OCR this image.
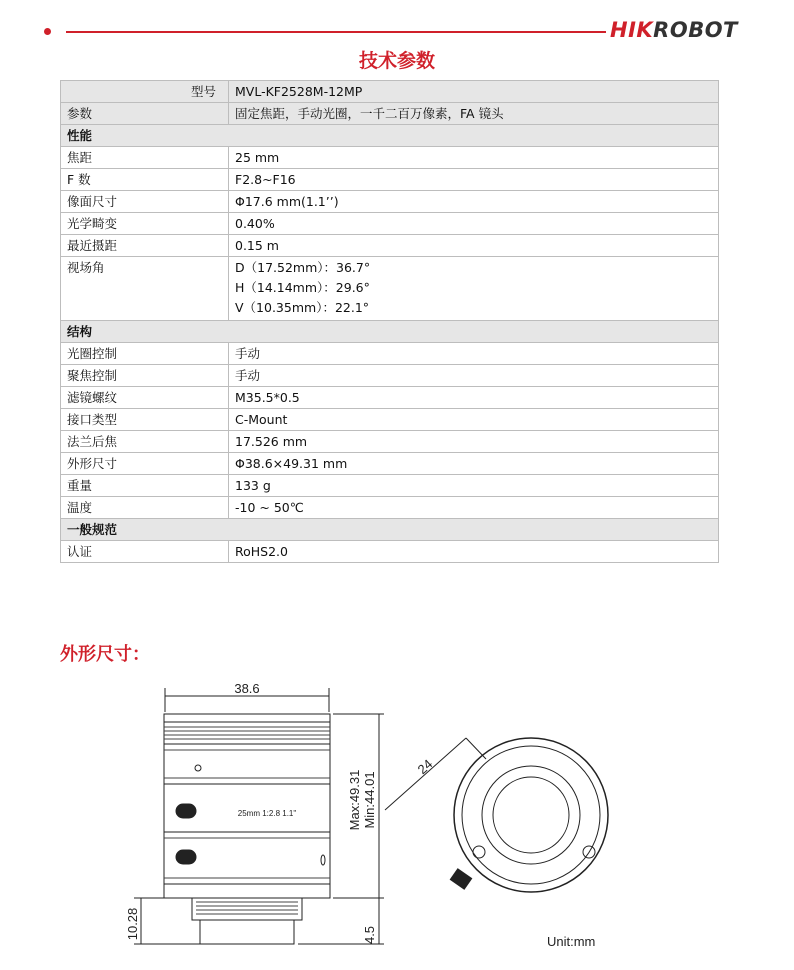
HIKROBOT
技术参数
型号	MVL-KF2528M-12MP
参数	固定焦距，手动光圈，一千二百万像素，FA 镜头
性能	
焦距	25 mm
F 数	F2.8~F16
像面尺寸	Φ17.6 mm(1.1’’)
光学畸变	0.40%
最近摄距	0.15 m
视场角	D（17.52mm）：36.7°
H（14.14mm）：29.6°
V（10.35mm）：22.1°

结构	
光圈控制	手动
聚焦控制	手动
滤镜螺纹	M35.5*0.5
接口类型	C-Mount
法兰后焦	17.526 mm
外形尺寸	Φ38.6×49.31 mm
重量	133 g
温度	-10 ~ 50℃
一般规范	
认证	RoHS2.0
外形尺寸：
38.6
Max:49.31 Min:44.01
10.28	4.5
24
25mm 1:2.8 1.1"
Unit:mm
